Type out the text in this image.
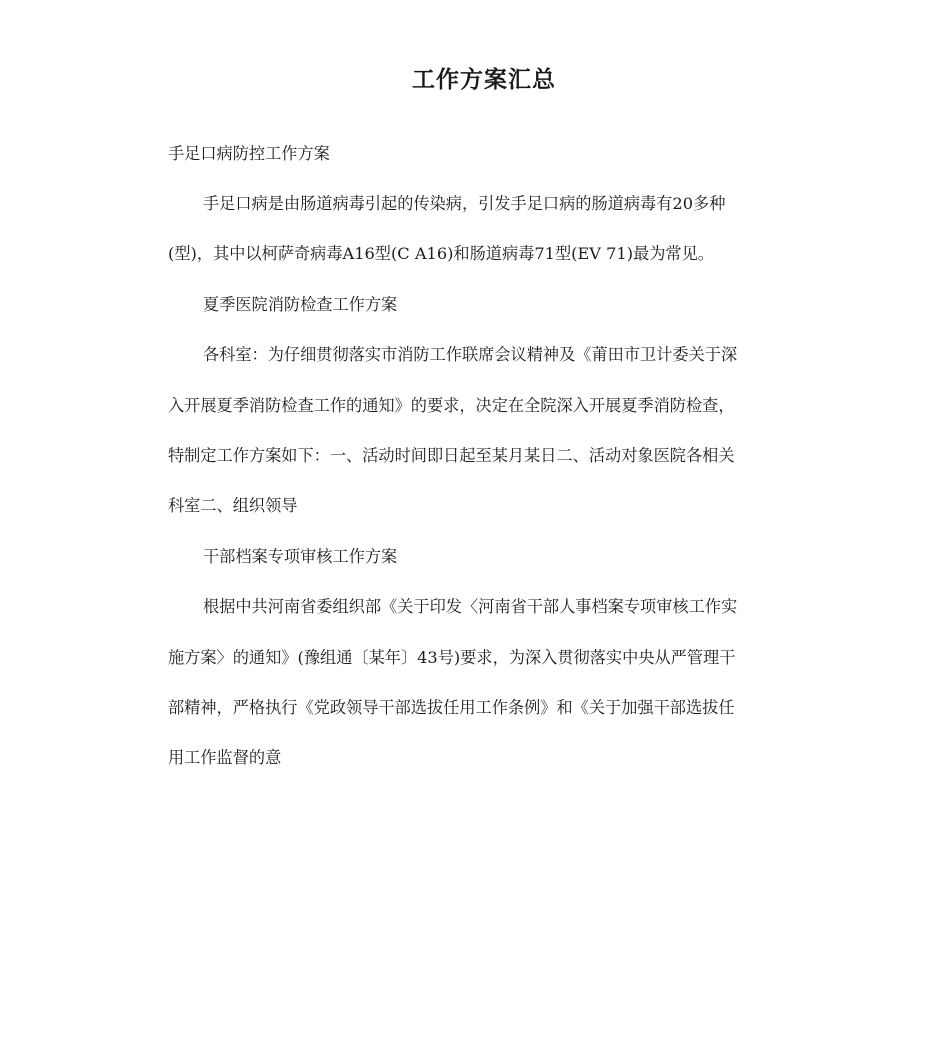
工作方案汇总

手足口病防控工作方案

手足口病是由肠道病毒引起的传染病，引发手足口病的肠道病毒有20多种

(型)，其中以柯萨奇病毒A16型(C A16)和肠道病毒71型(EV 71)最为常见。

夏季医院消防检查工作方案

各科室：为仔细贯彻落实市消防工作联席会议精神及《莆田市卫计委关于深

入开展夏季消防检查工作的通知》的要求，决定在全院深入开展夏季消防检查，

特制定工作方案如下：一、活动时间即日起至某月某日二、活动对象医院各相关

科室二、组织领导

干部档案专项审核工作方案

根据中共河南省委组织部《关于印发〈河南省干部人事档案专项审核工作实

施方案〉的通知》(豫组通〔某年〕43号)要求，为深入贯彻落实中央从严管理干

部精神，严格执行《党政领导干部选拔任用工作条例》和《关于加强干部选拔任

用工作监督的意
